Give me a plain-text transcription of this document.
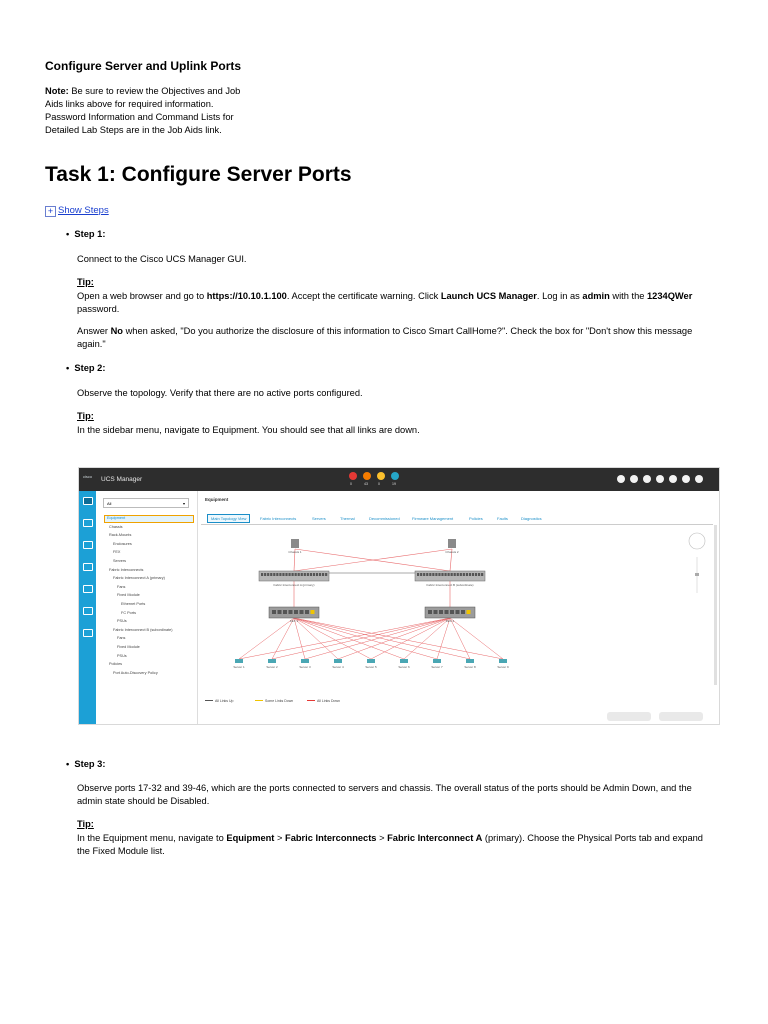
Configure Server and Uplink Ports
Note: Be sure to review the Objectives and Job Aids links above for required information. Password Information and Command Lists for Detailed Lab Steps are in the Job Aids link.
Task 1: Configure Server Ports
+ Show Steps
•  Step 1:
Connect to the Cisco UCS Manager GUI.
Tip:
Open a web browser and go to https://10.10.1.100. Accept the certificate warning. Click Launch UCS Manager. Log in as admin with the 1234QWer password.
Answer No when asked, "Do you authorize the disclosure of this information to Cisco Smart CallHome?". Check the box for "Don't show this message again."
•  Step 2:
Observe the topology. Verify that there are no active ports configured.
Tip:
In the sidebar menu, navigate to Equipment. You should see that all links are down.
cisco UCS Manager
0	43	0	19
All	▾
Equipment
Chassis
Rack-Mounts
Enclosures
FEX
Servers
Fabric Interconnects
Fabric Interconnect A (primary)
Fans
Fixed Module
Ethernet Ports
FC Ports
PSUs
Fabric Interconnect B (subordinate)
Fans
Fixed Module
PSUs
Policies
Port Auto-Discovery Policy
Equipment
Main Topology View	Fabric Interconnects	Servers	Thermal	Decommissioned	Firmware Management	Policies	Faults	Diagnostics
Chassis 1	Chassis 2
Fabric Interconnect A (primary)	Fabric Interconnect B (subordinate)
FEX 1	FEX 2
Server 1	Server 2	Server 3	Server 4	Server 5	Server 6	Server 7	Server 8	Server 9
All Links Up	Some Links Down	All Links Down
•  Step 3:
Observe ports 17-32 and 39-46, which are the ports connected to servers and chassis. The overall status of the ports should be Admin Down, and the admin state should be Disabled.
Tip:
In the Equipment menu, navigate to Equipment > Fabric Interconnects > Fabric Interconnect A (primary). Choose the Physical Ports tab and expand the Fixed Module list.
